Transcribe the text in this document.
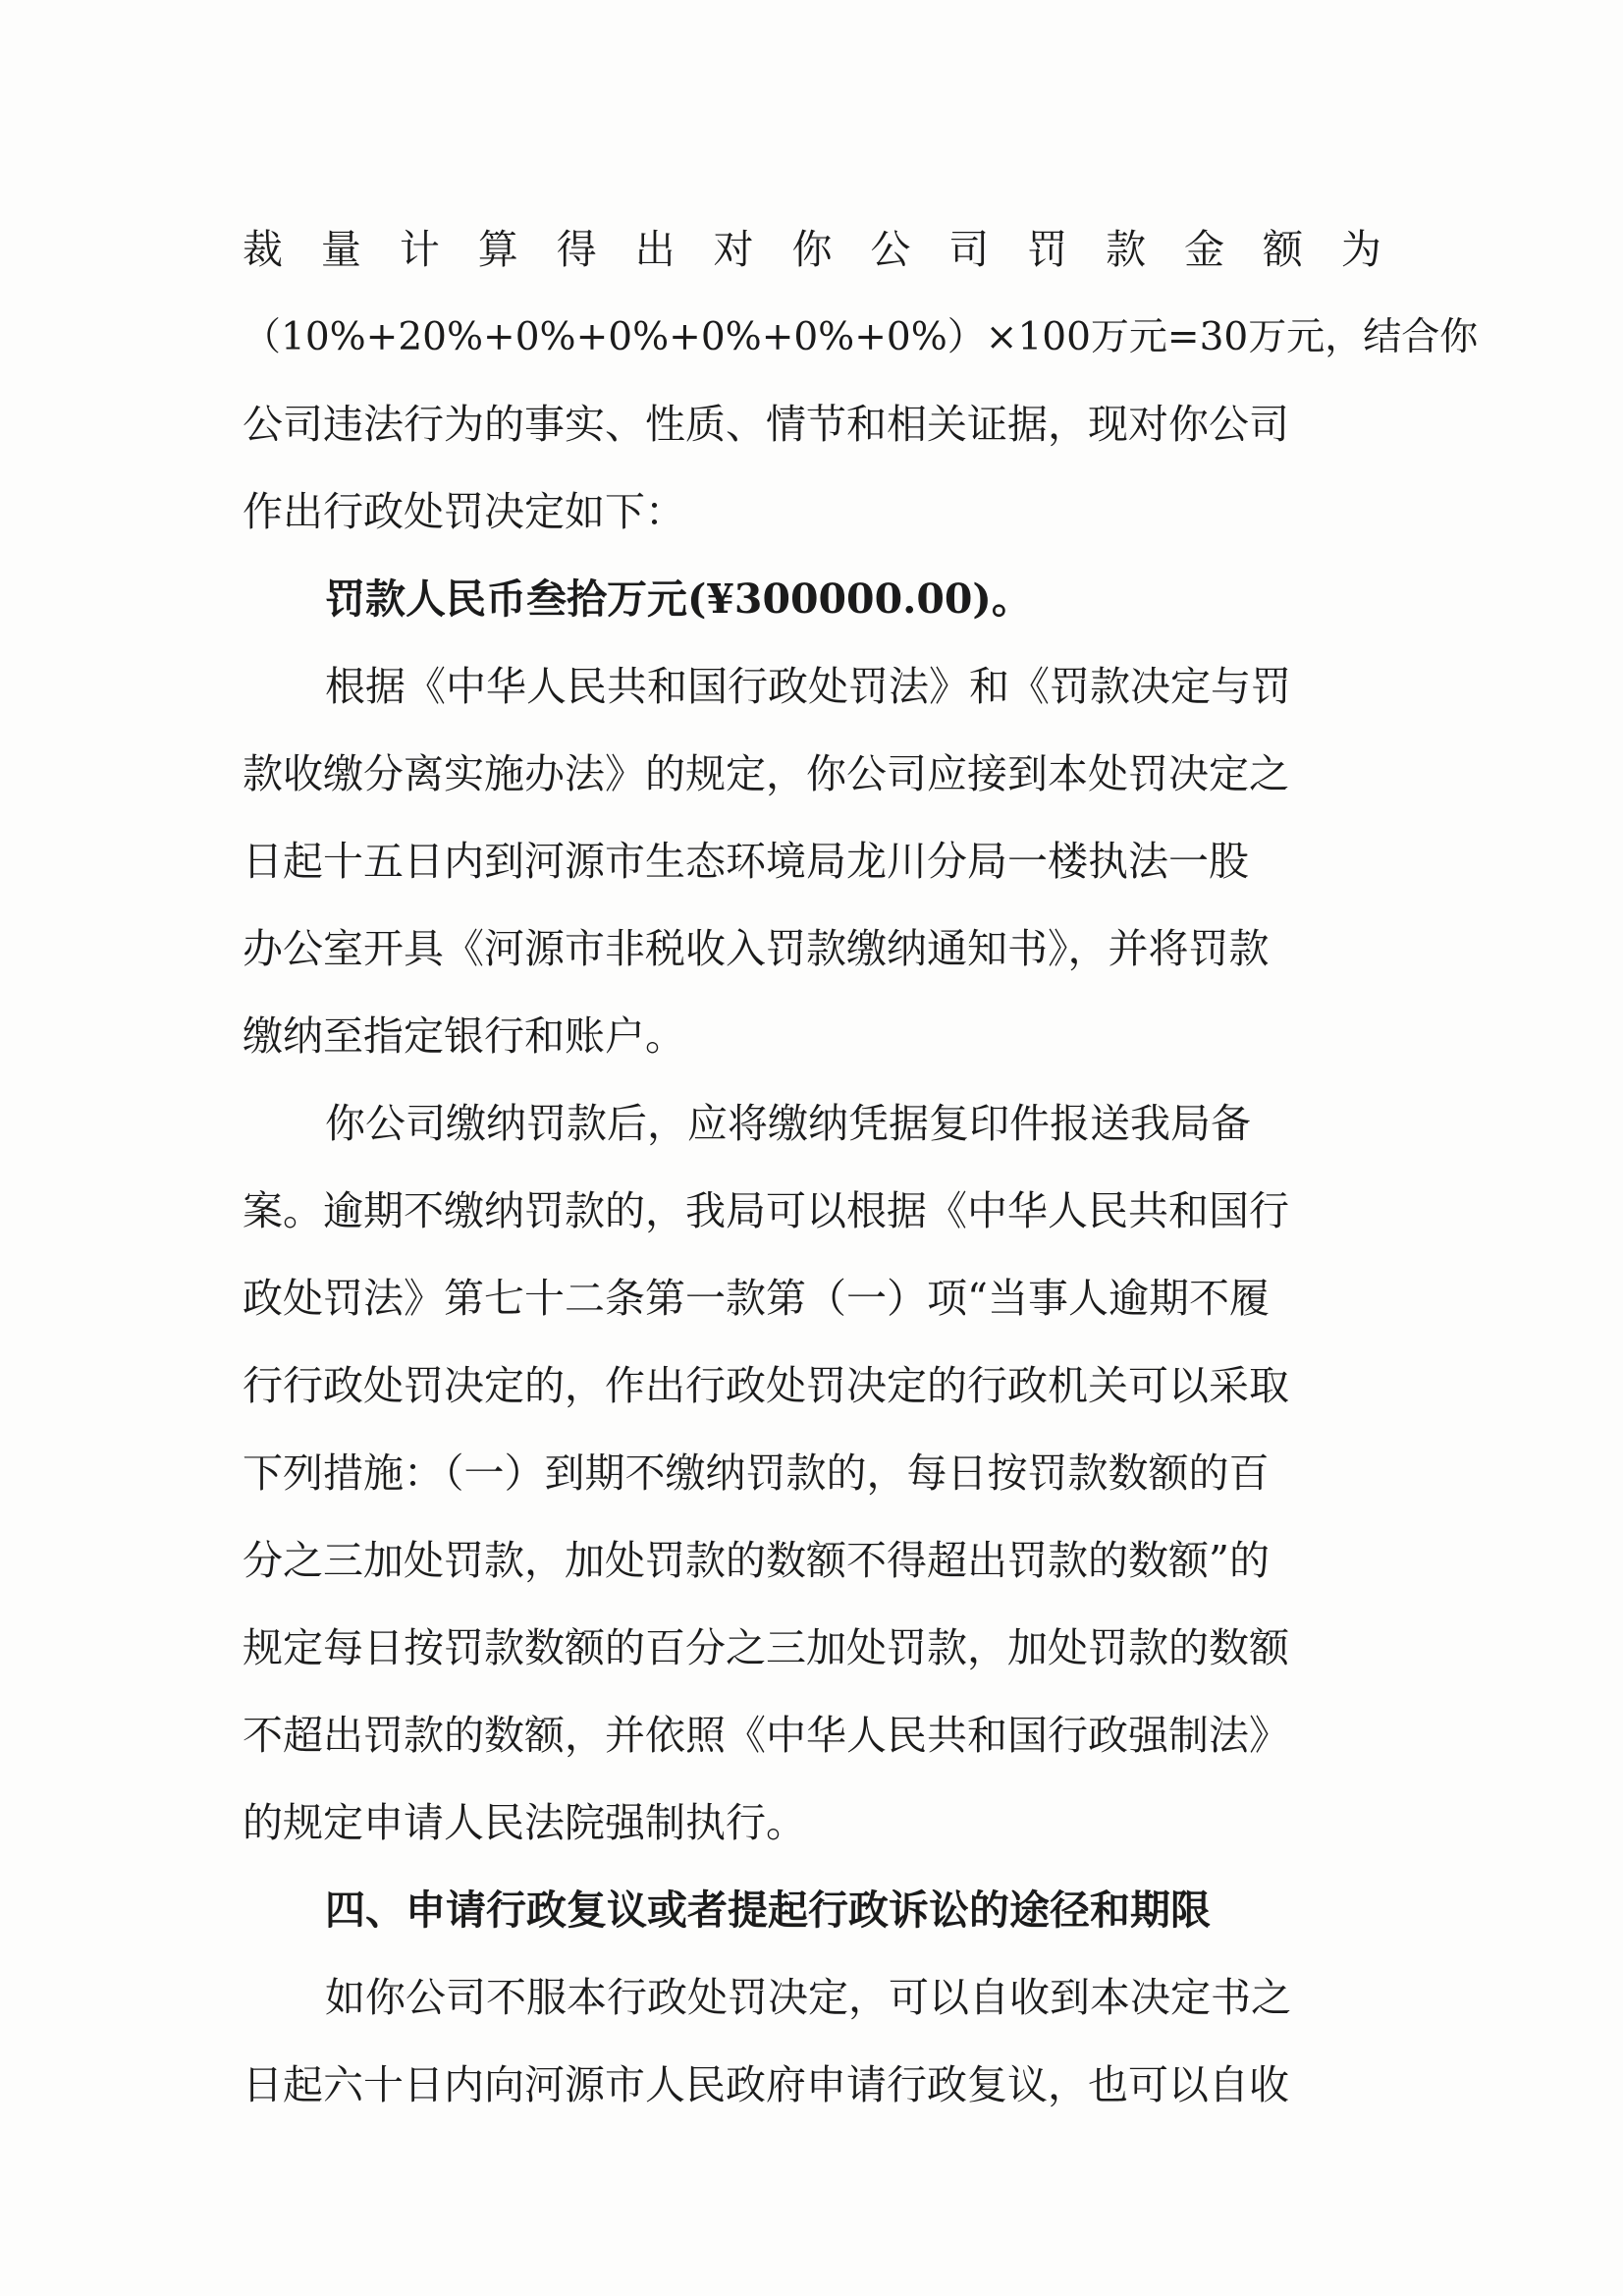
裁 量 计 算 得 出 对 你 公 司 罚 款 金 额 为
（10%+20%+0%+0%+0%+0%+0%）×100万元=30万元，结合你
公司违法行为的事实、性质、情节和相关证据，现对你公司
作出行政处罚决定如下：
罚款人民币叁拾万元(¥300000.00)。
根据《中华人民共和国行政处罚法》和《罚款决定与罚
款收缴分离实施办法》的规定，你公司应接到本处罚决定之
日起十五日内到河源市生态环境局龙川分局一楼执法一股
办公室开具《河源市非税收入罚款缴纳通知书》，并将罚款
缴纳至指定银行和账户。
你公司缴纳罚款后，应将缴纳凭据复印件报送我局备
案。逾期不缴纳罚款的，我局可以根据《中华人民共和国行
政处罚法》第七十二条第一款第（一）项“当事人逾期不履
行行政处罚决定的，作出行政处罚决定的行政机关可以采取
下列措施：（一）到期不缴纳罚款的，每日按罚款数额的百
分之三加处罚款，加处罚款的数额不得超出罚款的数额”的
规定每日按罚款数额的百分之三加处罚款，加处罚款的数额
不超出罚款的数额，并依照《中华人民共和国行政强制法》
的规定申请人民法院强制执行。
四、申请行政复议或者提起行政诉讼的途径和期限
如你公司不服本行政处罚决定，可以自收到本决定书之
日起六十日内向河源市人民政府申请行政复议，也可以自收
